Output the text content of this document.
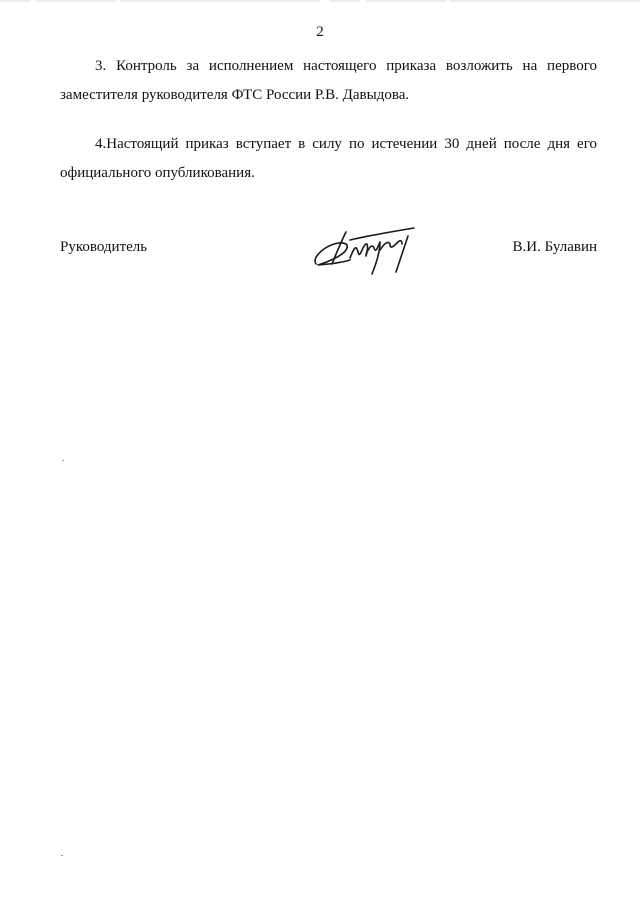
2

3. Контроль за исполнением настоящего приказа возложить на первого
заместителя руководителя ФТС России Р.В. Давыдова.

4.Настоящий приказ вступает в силу по истечении 30 дней после дня его
официального опубликования.

Руководитель	В.И. Булавин
